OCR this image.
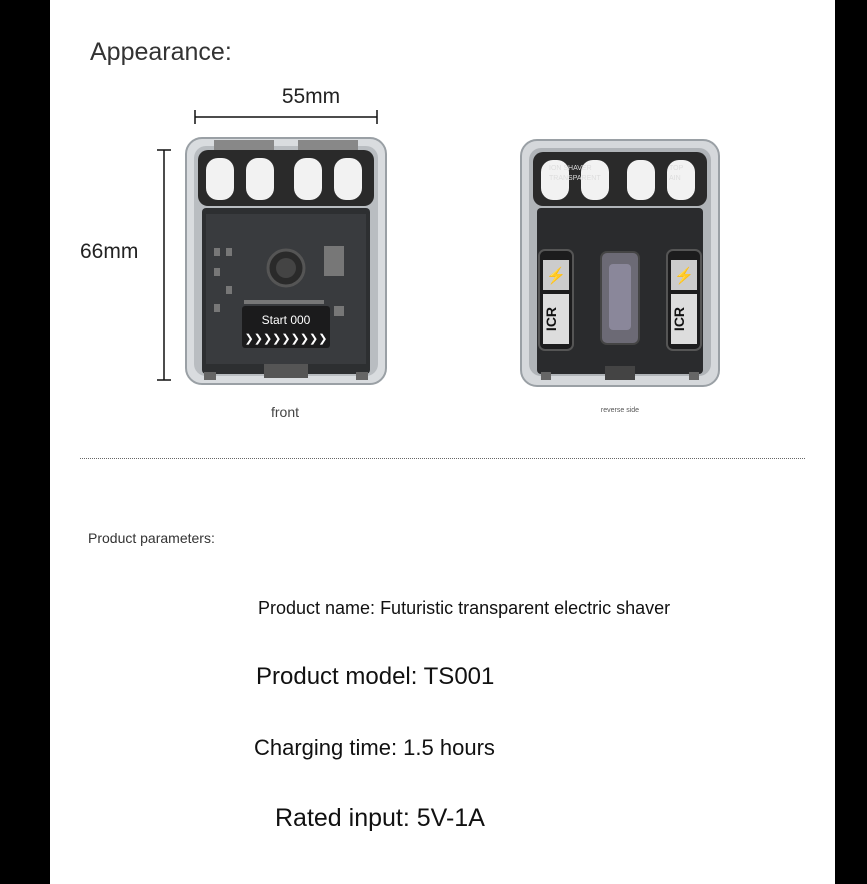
Appearance:
55mm
66mm
Start 000
❯❯❯❯❯❯❯❯❯
front
ION SHAVER
TRANSPARENT
TOP
AIN
⚡	⚡
ICR	ICR
reverse side
Product parameters:
Product name: Futuristic transparent electric shaver
Product model: TS001
Charging time: 1.5 hours
Rated input: 5V-1A
